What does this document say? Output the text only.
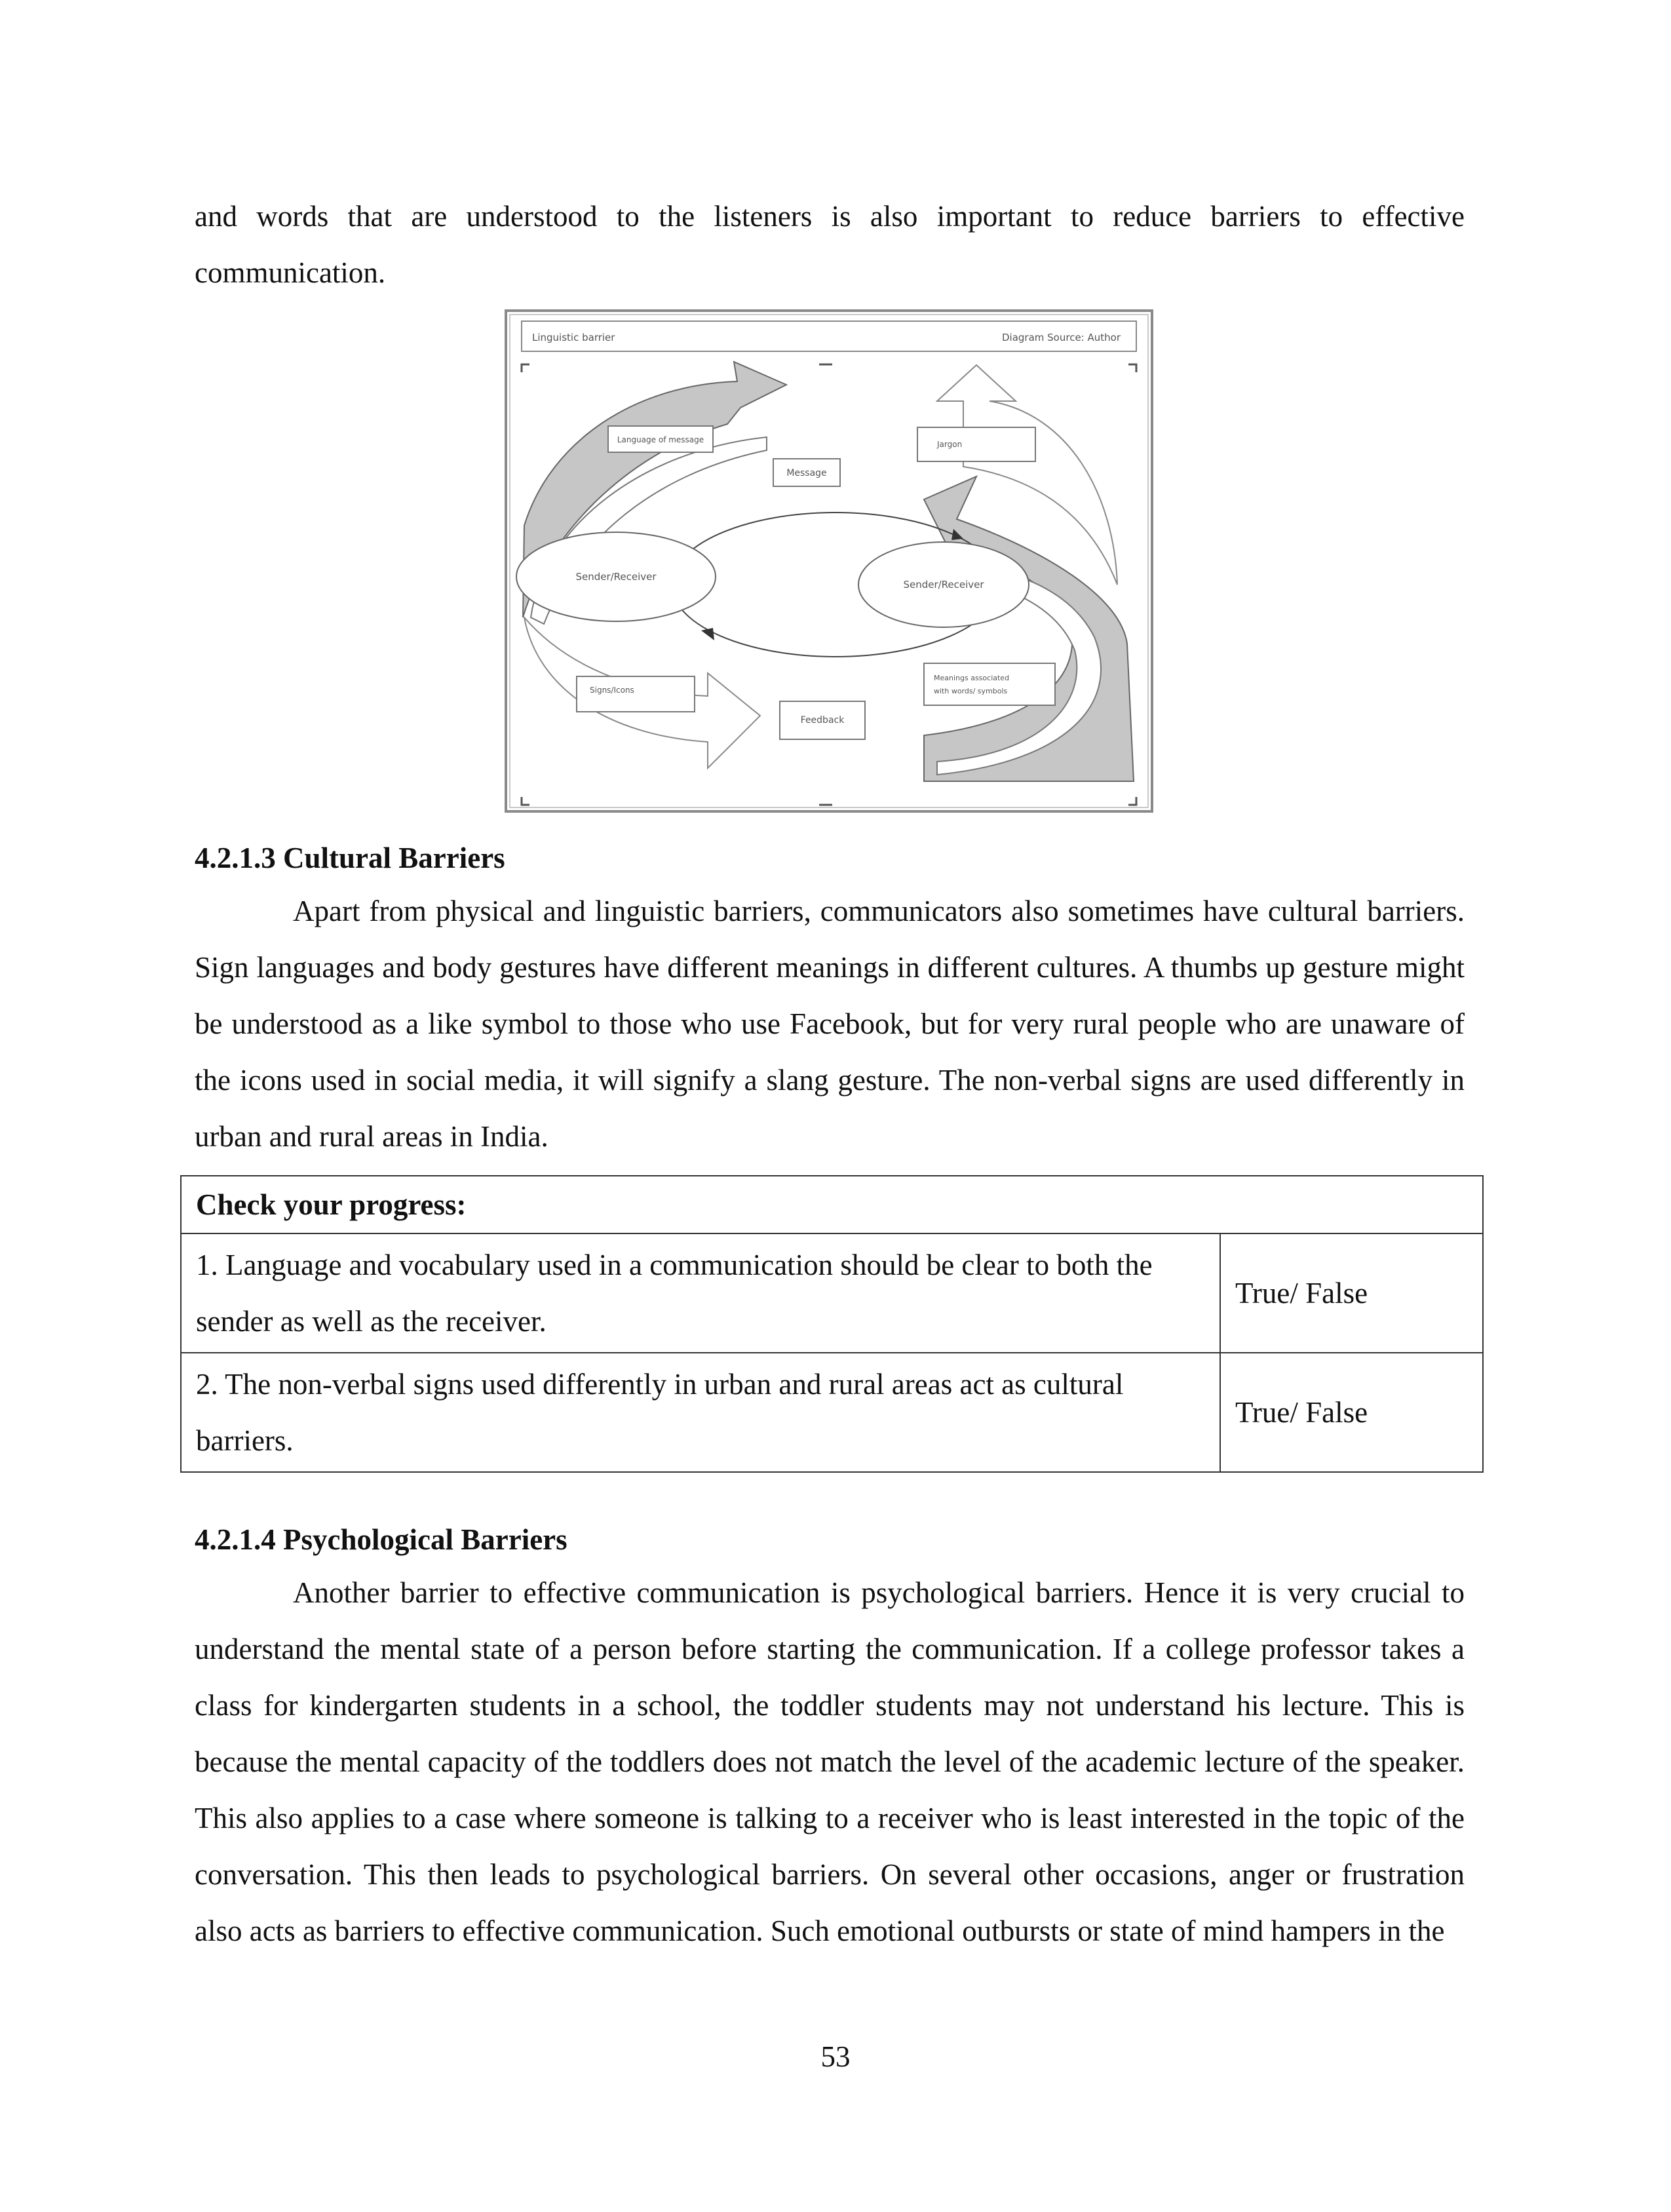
and words that are understood to the listeners is also important to reduce barriers to effective communication.
Linguistic barrier	Diagram Source: Author
Sender/Receiver
Sender/Receiver
Language of message
Message
Jargon
Signs/Icons
Feedback
Meanings associated
with words/ symbols
4.2.1.3 Cultural Barriers
Apart from physical and linguistic barriers, communicators also sometimes have cultural barriers. Sign languages and body gestures have different meanings in different cultures. A thumbs up gesture might be understood as a like symbol to those who use Facebook, but for very rural people who are unaware of the icons used in social media, it will signify a slang gesture. The non-verbal signs are used differently in urban and rural areas in India.
Check your progress:	
1. Language and vocabulary used in a communication should be clear to both the sender as well as the receiver.	True/ False
2. The non-verbal signs used differently in urban and rural areas act as cultural barriers.	True/ False
4.2.1.4 Psychological Barriers
Another barrier to effective communication is psychological barriers. Hence it is very crucial to understand the mental state of a person before starting the communication. If a college professor takes a class for kindergarten students in a school, the toddler students may not understand his lecture. This is because the mental capacity of the toddlers does not match the level of the academic lecture of the speaker. This also applies to a case where someone is talking to a receiver who is least interested in the topic of the conversation. This then leads to psychological barriers. On several other occasions, anger or frustration also acts as barriers to effective communication. Such emotional outbursts or state of mind hampers in the
53
